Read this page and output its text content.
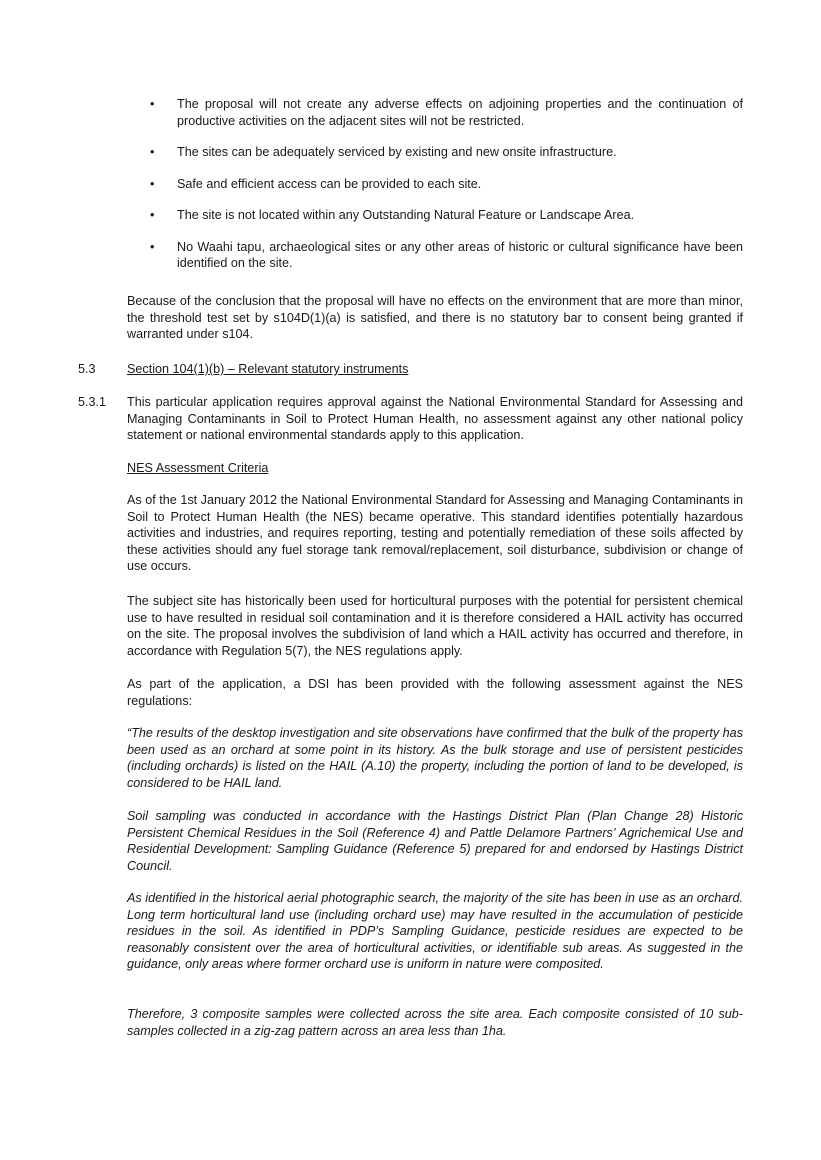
•	The proposal will not create any adverse effects on adjoining properties and the continuation of productive activities on the adjacent sites will not be restricted.
•	The sites can be adequately serviced by existing and new onsite infrastructure.
•	Safe and efficient access can be provided to each site.
•	The site is not located within any Outstanding Natural Feature or Landscape Area.
•	No Waahi tapu, archaeological sites or any other areas of historic or cultural significance have been identified on the site.

Because of the conclusion that the proposal will have no effects on the environment that are more than minor, the threshold test set by s104D(1)(a) is satisfied, and there is no statutory bar to consent being granted if warranted under s104.

5.3 Section 104(1)(b) – Relevant statutory instruments
5.3.1 This particular application requires approval against the National Environmental Standard for Assessing and Managing Contaminants in Soil to Protect Human Health, no assessment against any other national policy statement or national environmental standards apply to this application.

NES Assessment Criteria

As of the 1st January 2012 the National Environmental Standard for Assessing and Managing Contaminants in Soil to Protect Human Health (the NES) became operative. This standard identifies potentially hazardous activities and industries, and requires reporting, testing and potentially remediation of these soils affected by these activities should any fuel storage tank removal/replacement, soil disturbance, subdivision or change of use occurs.

The subject site has historically been used for horticultural purposes with the potential for persistent chemical use to have resulted in residual soil contamination and it is therefore considered a HAIL activity has occurred on the site. The proposal involves the subdivision of land which a HAIL activity has occurred and therefore, in accordance with Regulation 5(7), the NES regulations apply.

As part of the application, a DSI has been provided with the following assessment against the NES regulations:

“The results of the desktop investigation and site observations have confirmed that the bulk of the property has been used as an orchard at some point in its history. As the bulk storage and use of persistent pesticides (including orchards) is listed on the HAIL (A.10) the property, including the portion of land to be developed, is considered to be HAIL land.

Soil sampling was conducted in accordance with the Hastings District Plan (Plan Change 28) Historic Persistent Chemical Residues in the Soil (Reference 4) and Pattle Delamore Partners’ Agrichemical Use and Residential Development: Sampling Guidance (Reference 5) prepared for and endorsed by Hastings District Council.

As identified in the historical aerial photographic search, the majority of the site has been in use as an orchard. Long term horticultural land use (including orchard use) may have resulted in the accumulation of pesticide residues in the soil. As identified in PDP’s Sampling Guidance, pesticide residues are expected to be reasonably consistent over the area of horticultural activities, or identifiable sub areas. As suggested in the guidance, only areas where former orchard use is uniform in nature were composited.

Therefore, 3 composite samples were collected across the site area. Each composite consisted of 10 sub-samples collected in a zig-zag pattern across an area less than 1ha.
